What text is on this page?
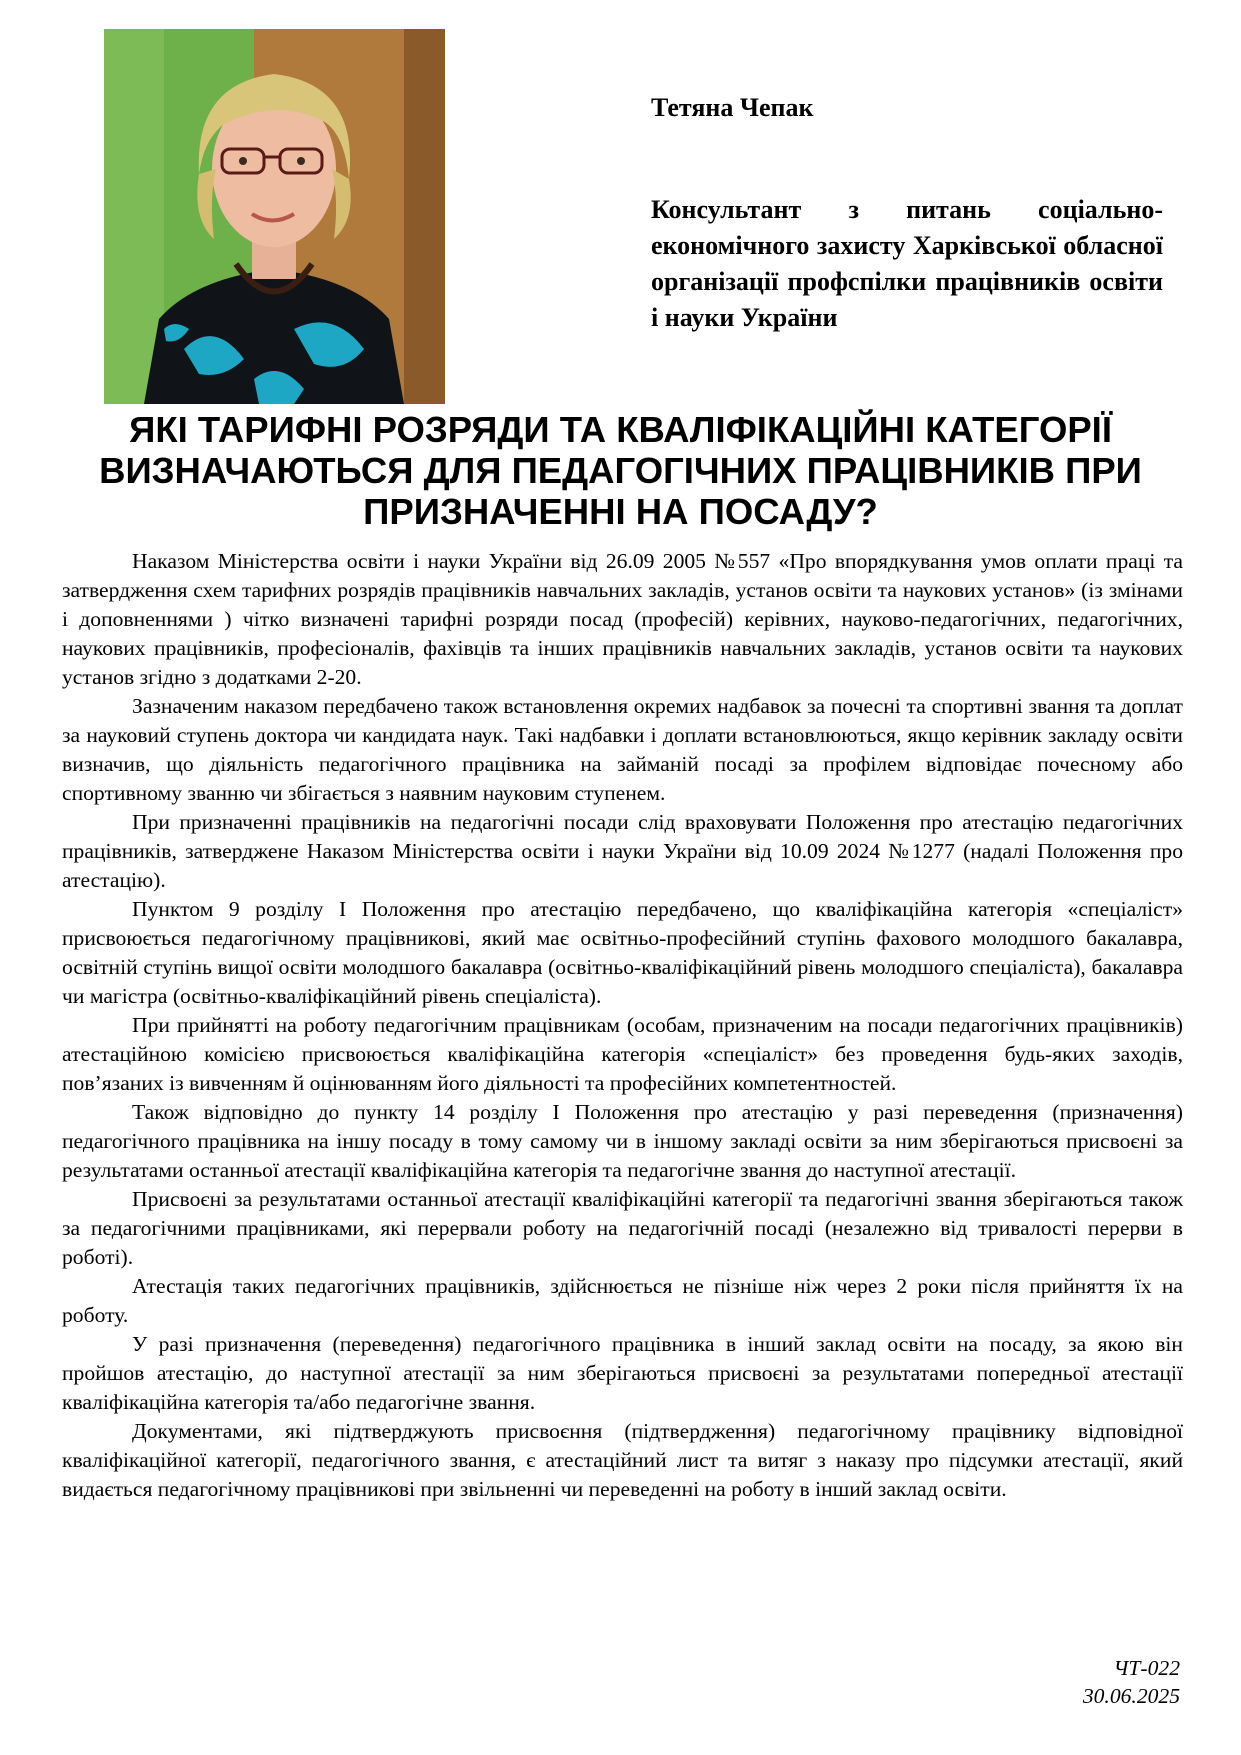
Тетяна Чепак

Консультант з питань соціально-економічного захисту Харківської обласної організації профспілки працівників освіти і науки України

ЯКІ ТАРИФНІ РОЗРЯДИ ТА КВАЛІФІКАЦІЙНІ КАТЕГОРІЇ ВИЗНАЧАЮТЬСЯ ДЛЯ ПЕДАГОГІЧНИХ ПРАЦІВНИКІВ ПРИ ПРИЗНАЧЕННІ НА ПОСАДУ?

Наказом Міністерства освіти і науки України від 26.09 2005 №557 «Про впорядкування умов оплати праці та затвердження схем тарифних розрядів працівників навчальних закладів, установ освіти та наукових установ» (із змінами і доповненнями ) чітко визначені тарифні розряди посад (професій) керівних, науково-педагогічних, педагогічних, наукових працівників, професіоналів, фахівців та інших працівників навчальних закладів, установ освіти та наукових установ згідно з додатками 2-20.

Зазначеним наказом передбачено також встановлення окремих надбавок за почесні та спортивні звання та доплат за науковий ступень доктора чи кандидата наук. Такі надбавки і доплати встановлюються, якщо керівник закладу освіти визначив, що діяльність педагогічного працівника на займаній посаді за профілем відповідає почесному або спортивному званню чи збігається з наявним науковим ступенем.

При призначенні працівників на педагогічні посади слід враховувати Положення про атестацію педагогічних працівників, затверджене Наказом Міністерства освіти і науки України від 10.09 2024 №1277 (надалі Положення про атестацію).

Пунктом 9 розділу І Положення про атестацію передбачено, що кваліфікаційна категорія «спеціаліст» присвоюється педагогічному працівникові, який має освітньо-професійний ступінь фахового молодшого бакалавра, освітній ступінь вищої освіти молодшого бакалавра (освітньо-кваліфікаційний рівень молодшого спеціаліста), бакалавра чи магістра (освітньо-кваліфікаційний рівень спеціаліста).

При прийнятті на роботу педагогічним працівникам (особам, призначеним на посади педагогічних працівників) атестаційною комісією присвоюється кваліфікаційна категорія «спеціаліст» без проведення будь-яких заходів, пов’язаних із вивченням й оцінюванням його діяльності та професійних компетентностей.

Також відповідно до пункту 14 розділу І Положення про атестацію у разі переведення (призначення) педагогічного працівника на іншу посаду в тому самому чи в іншому закладі освіти за ним зберігаються присвоєні за результатами останньої атестації кваліфікаційна категорія та педагогічне звання до наступної атестації.

Присвоєні за результатами останньої атестації кваліфікаційні категорії та педагогічні звання зберігаються також за педагогічними працівниками, які перервали роботу на педагогічній посаді (незалежно від тривалості перерви в роботі).

Атестація таких педагогічних працівників, здійснюється не пізніше ніж через 2 роки після прийняття їх на роботу.

У разі призначення (переведення) педагогічного працівника в інший заклад освіти на посаду, за якою він пройшов атестацію, до наступної атестації за ним зберігаються присвоєні за результатами попередньої атестації кваліфікаційна категорія та/або педагогічне звання.

Документами, які підтверджують присвоєння (підтвердження) педагогічному працівнику відповідної кваліфікаційної категорії, педагогічного звання, є атестаційний лист та витяг з наказу про підсумки атестації, який видається педагогічному працівникові при звільненні чи переведенні на роботу в інший заклад освіти.

ЧТ-022

30.06.2025
